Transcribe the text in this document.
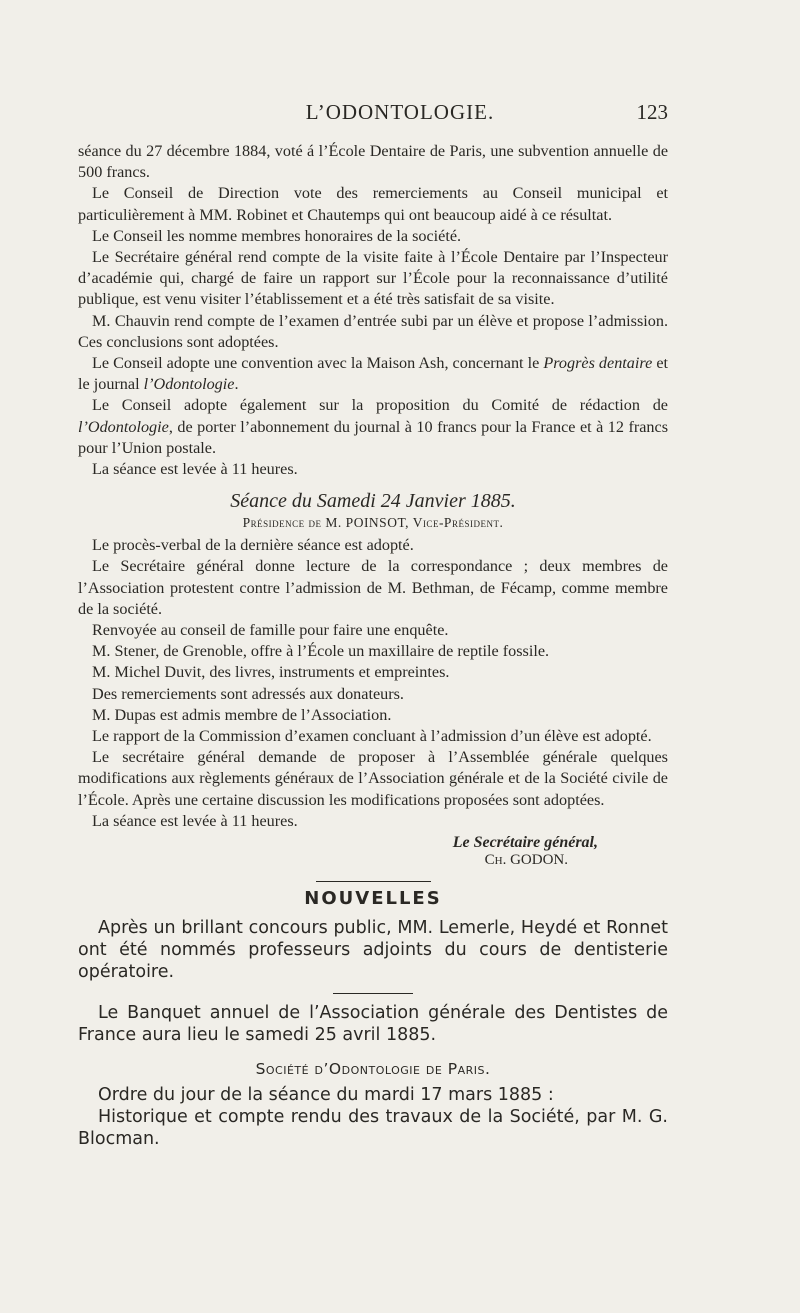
L’ODONTOLOGIE.	123

séance du 27 décembre 1884, voté á l’École Dentaire de Paris, une subvention annuelle de 500 francs.

Le Conseil de Direction vote des remerciements au Conseil municipal et particulièrement à MM. Robinet et Chautemps qui ont beaucoup aidé à ce résultat.

Le Conseil les nomme membres honoraires de la société.

Le Secrétaire général rend compte de la visite faite à l’École Dentaire par l’Inspecteur d’académie qui, chargé de faire un rapport sur l’École pour la reconnaissance d’utilité publique, est venu visiter l’établissement et a été très satisfait de sa visite.

M. Chauvin rend compte de l’examen d’entrée subi par un élève et propose l’admission. Ces conclusions sont adoptées.

Le Conseil adopte une convention avec la Maison Ash, concernant le Progrès dentaire et le journal l’Odontologie.

Le Conseil adopte également sur la proposition du Comité de rédaction de l’Odontologie, de porter l’abonnement du journal à 10 francs pour la France et à 12 francs pour l’Union postale.

La séance est levée à 11 heures.

Séance du Samedi 24 Janvier 1885.
Présidence de M. POINSOT, Vice-Président.

Le procès-verbal de la dernière séance est adopté.

Le Secrétaire général donne lecture de la correspondance ; deux membres de l’Association protestent contre l’admission de M. Bethman, de Fécamp, comme membre de la société.

Renvoyée au conseil de famille pour faire une enquête.

M. Stener, de Grenoble, offre à l’École un maxillaire de reptile fossile.

M. Michel Duvit, des livres, instruments et empreintes.

Des remerciements sont adressés aux donateurs.

M. Dupas est admis membre de l’Association.

Le rapport de la Commission d’examen concluant à l’admission d’un élève est adopté.

Le secrétaire général demande de proposer à l’Assemblée générale quelques modifications aux règlements généraux de l’Association générale et de la Société civile de l’École. Après une certaine discussion les modifications proposées sont adoptées.

La séance est levée à 11 heures.

Le Secrétaire général,
Ch. GODON.
NOUVELLES

Après un brillant concours public, MM. Lemerle, Heydé et Ronnet ont été nommés professeurs adjoints du cours de dentisterie opératoire.

Le Banquet annuel de l’Association générale des Dentistes de France aura lieu le samedi 25 avril 1885.

Société d’Odontologie de Paris.

Ordre du jour de la séance du mardi 17 mars 1885 :

Historique et compte rendu des travaux de la Société, par M. G. Blocman.
